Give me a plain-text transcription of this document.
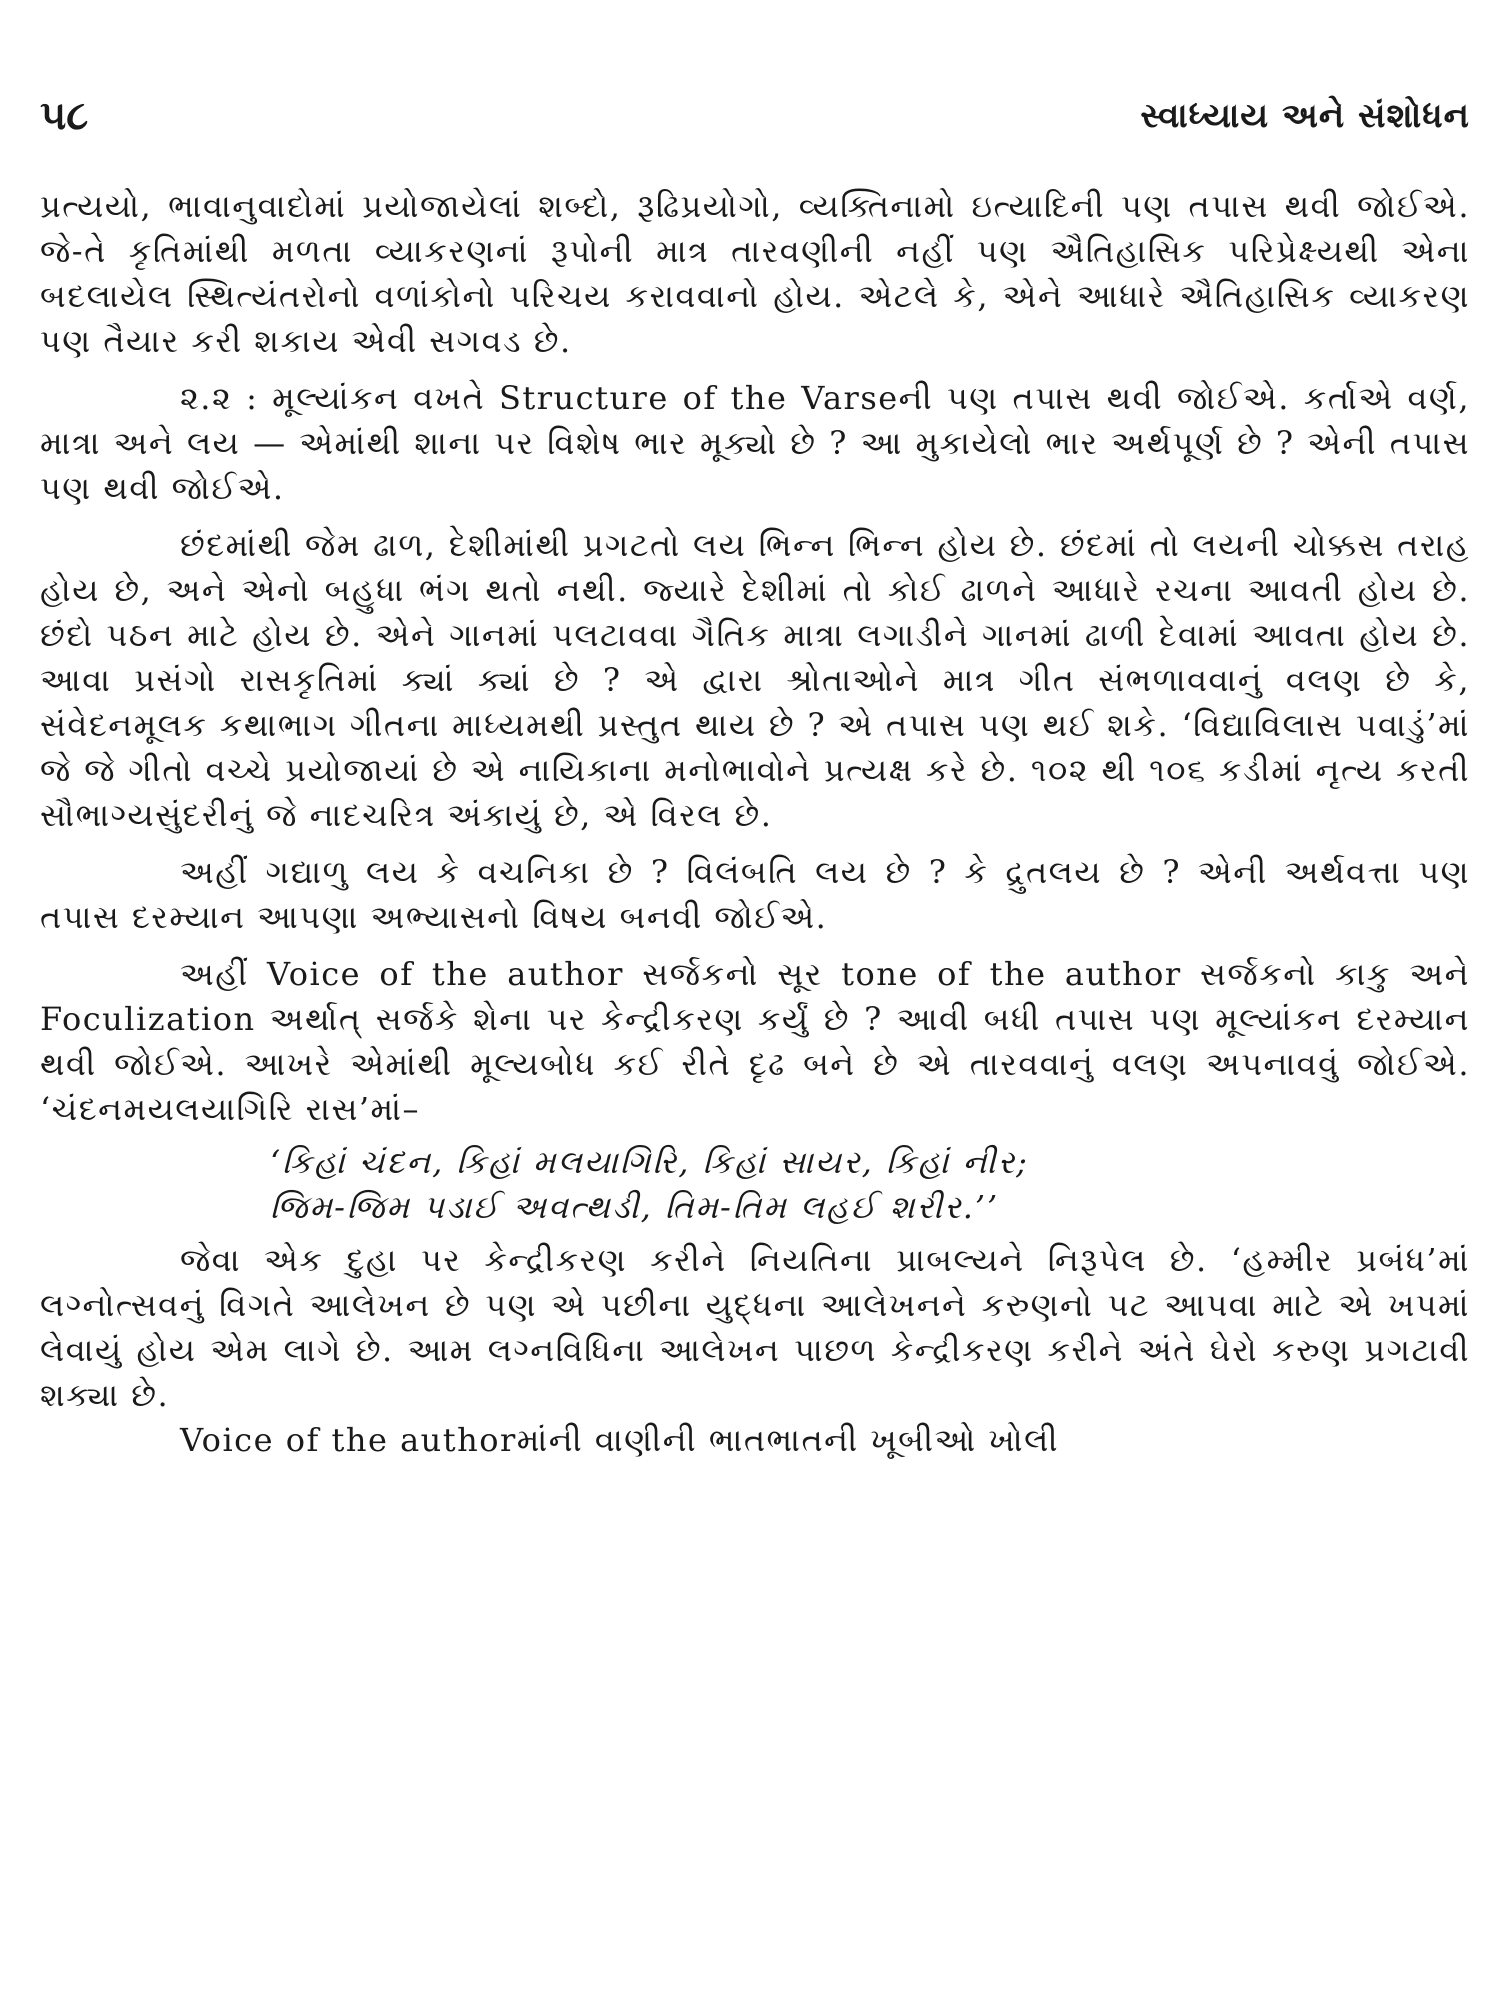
૫૮	સ્વાધ્યાય અને સંશોધન

પ્રત્યયો, ભાવાનુવાદોમાં પ્રયોજાયેલાં શબ્દો, રૂઢિપ્રયોગો, વ્યક્તિનામો ઇત્યાદિની પણ તપાસ થવી જોઈએ. જે-તે કૃતિમાંથી મળતા વ્યાકરણનાં રૂપોની માત્ર તારવણીની નહીં પણ ઐતિહાસિક પરિપ્રેક્ષ્યથી એના બદલાયેલ સ્થિત્યંતરોનો વળાંકોનો પરિચય કરાવવાનો હોય. એટલે કે, એને આધારે ઐતિહાસિક વ્યાકરણ પણ તૈયાર કરી શકાય એવી સગવડ છે.

૨.૨ : મૂલ્યાંકન વખતે Structure of the Varseની પણ તપાસ થવી જોઈએ. કર્તાએ વર્ણ, માત્રા અને લય — એમાંથી શાના પર વિશેષ ભાર મૂક્યો છે ? આ મુકાયેલો ભાર અર્થપૂર્ણ છે ? એની તપાસ પણ થવી જોઈએ.

છંદમાંથી જેમ ઢાળ, દેશીમાંથી પ્રગટતો લય ભિન્ન ભિન્ન હોય છે. છંદમાં તો લયની ચોક્કસ તરાહ હોય છે, અને એનો બહુધા ભંગ થતો નથી. જ્યારે દેશીમાં તો કોઈ ઢાળને આધારે રચના આવતી હોય છે. છંદો પઠન માટે હોય છે. એને ગાનમાં પલટાવવા ગૈતિક માત્રા લગાડીને ગાનમાં ઢાળી દેવામાં આવતા હોય છે. આવા પ્રસંગો રાસકૃતિમાં ક્યાં ક્યાં છે ? એ દ્વારા શ્રોતાઓને માત્ર ગીત સંભળાવવાનું વલણ છે કે, સંવેદનમૂલક કથાભાગ ગીતના માધ્યમથી પ્રસ્તુત થાય છે ? એ તપાસ પણ થઈ શકે. ‘વિદ્યાવિલાસ પવાડું’માં જે જે ગીતો વચ્ચે પ્રયોજાયાં છે એ નાયિકાના મનોભાવોને પ્રત્યક્ષ કરે છે. ૧૦૨ થી ૧૦૬ કડીમાં નૃત્ય કરતી સૌભાગ્યસુંદરીનું જે નાદચરિત્ર અંકાયું છે, એ વિરલ છે.

અહીં ગદ્યાળુ લય કે વચનિકા છે ? વિલંબતિ લય છે ? કે દ્રુતલય છે ? એની અર્થવત્તા પણ તપાસ દરમ્યાન આપણા અભ્યાસનો વિષય બનવી જોઈએ.

અહીં Voice of the author સર્જકનો સૂર tone of the author સર્જકનો કાકુ અને Foculization અર્થાત્ સર્જકે શેના પર કેન્દ્રીકરણ કર્યું છે ? આવી બધી તપાસ પણ મૂલ્યાંકન દરમ્યાન થવી જોઈએ. આખરે એમાંથી મૂલ્યબોધ કઈ રીતે દૃઢ બને છે એ તારવવાનું વલણ અપનાવવું જોઈએ. ‘ચંદનમયલયાગિરિ રાસ’માં–

‘કિહાં ચંદન, કિહાં મલયાગિરિ, કિહાં સાયર, કિહાં નીર;
જિમ-જિમ પડાઈ અવત્થડી, તિમ-તિમ લહઈ શરીર.’’

જેવા એક દુહા પર કેન્દ્રીકરણ કરીને નિયતિના પ્રાબલ્યને નિરૂપેલ છે. ‘હમ્મીર પ્રબંધ’માં લગ્નોત્સવનું વિગતે આલેખન છે પણ એ પછીના યુદ્ધના આલેખનને કરુણનો પટ આપવા માટે એ ખપમાં લેવાયું હોય એમ લાગે છે. આમ લગ્નવિધિના આલેખન પાછળ કેન્દ્રીકરણ કરીને અંતે ઘેરો કરુણ પ્રગટાવી શક્યા છે.

Voice of the authorમાંની વાણીની ભાતભાતની ખૂબીઓ ખોલી
